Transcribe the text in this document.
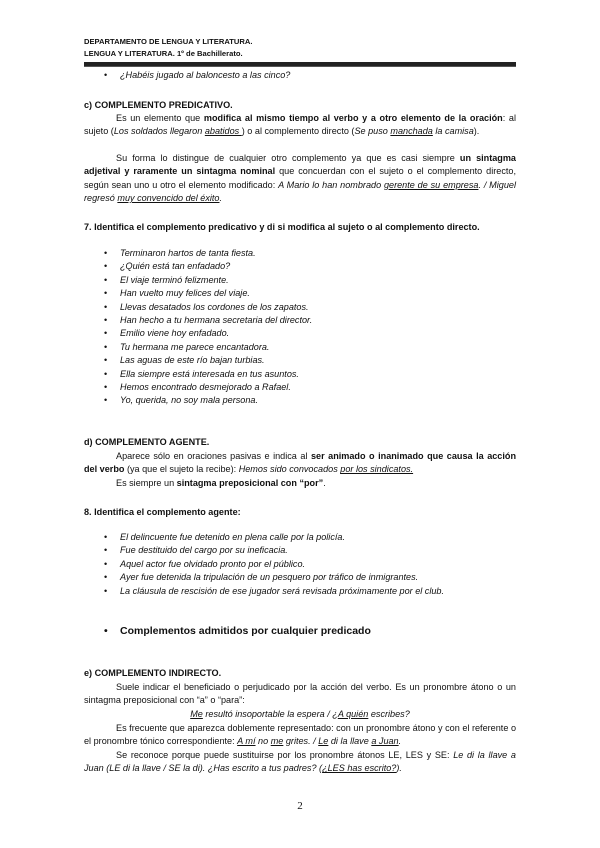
DEPARTAMENTO DE LENGUA Y LITERATURA.
LENGUA Y LITERATURA. 1º de Bachillerato.
• ¿Habéis jugado al baloncesto a las cinco?
c) COMPLEMENTO PREDICATIVO.
Es un elemento que modifica al mismo tiempo al verbo y a otro elemento de la oración: al sujeto (Los soldados llegaron abatidos ) o al complemento directo (Se puso manchada la camisa).
Su forma lo distingue de cualquier otro complemento ya que es casi siempre un sintagma adjetival y raramente un sintagma nominal que concuerdan con el sujeto o el complemento directo, según sean uno u otro el elemento modificado: A Mario lo han nombrado gerente de su empresa. / Miguel regresó muy convencido del éxito.
7. Identifica el complemento predicativo y di si modifica al sujeto o al complemento directo.
• Terminaron hartos de tanta fiesta.
• ¿Quién está tan enfadado?
• El viaje terminó felizmente.
• Han vuelto muy felices del viaje.
• Llevas desatados los cordones de los zapatos.
• Han hecho a tu hermana secretaria del director.
• Emilio viene hoy enfadado.
• Tu hermana me parece encantadora.
• Las aguas de este río bajan turbias.
• Ella siempre está interesada en tus asuntos.
• Hemos encontrado desmejorado a Rafael.
• Yo, querida, no soy mala persona.
d) COMPLEMENTO AGENTE.
Aparece sólo en oraciones pasivas e indica al ser animado o inanimado que causa la acción del verbo (ya que el sujeto la recibe): Hemos sido convocados por los sindicatos.
Es siempre un sintagma preposicional con “por”.
8. Identifica el complemento agente:
• El delincuente fue detenido en plena calle por la policía.
• Fue destituido del cargo por su ineficacia.
• Aquel actor fue olvidado pronto por el público.
• Ayer fue detenida la tripulación de un pesquero por tráfico de inmigrantes.
• La cláusula de rescisión de ese jugador será revisada próximamente por el club.
• Complementos admitidos por cualquier predicado
e) COMPLEMENTO INDIRECTO.
Suele indicar el beneficiado o perjudicado por la acción del verbo. Es un pronombre átono o un sintagma preposicional con “a” o “para”:
Me resultó insoportable la espera / ¿A quién escribes?
Es frecuente que aparezca doblemente representado: con un pronombre átono y con el referente o el pronombre tónico correspondiente: A mí no me grites. / Le di la llave a Juan.
Se reconoce porque puede sustituirse por los pronombre átonos LE, LES y SE: Le di la llave a Juan (LE di la llave / SE la di). ¿Has escrito a tus padres? (¿LES has escrito?).
2
